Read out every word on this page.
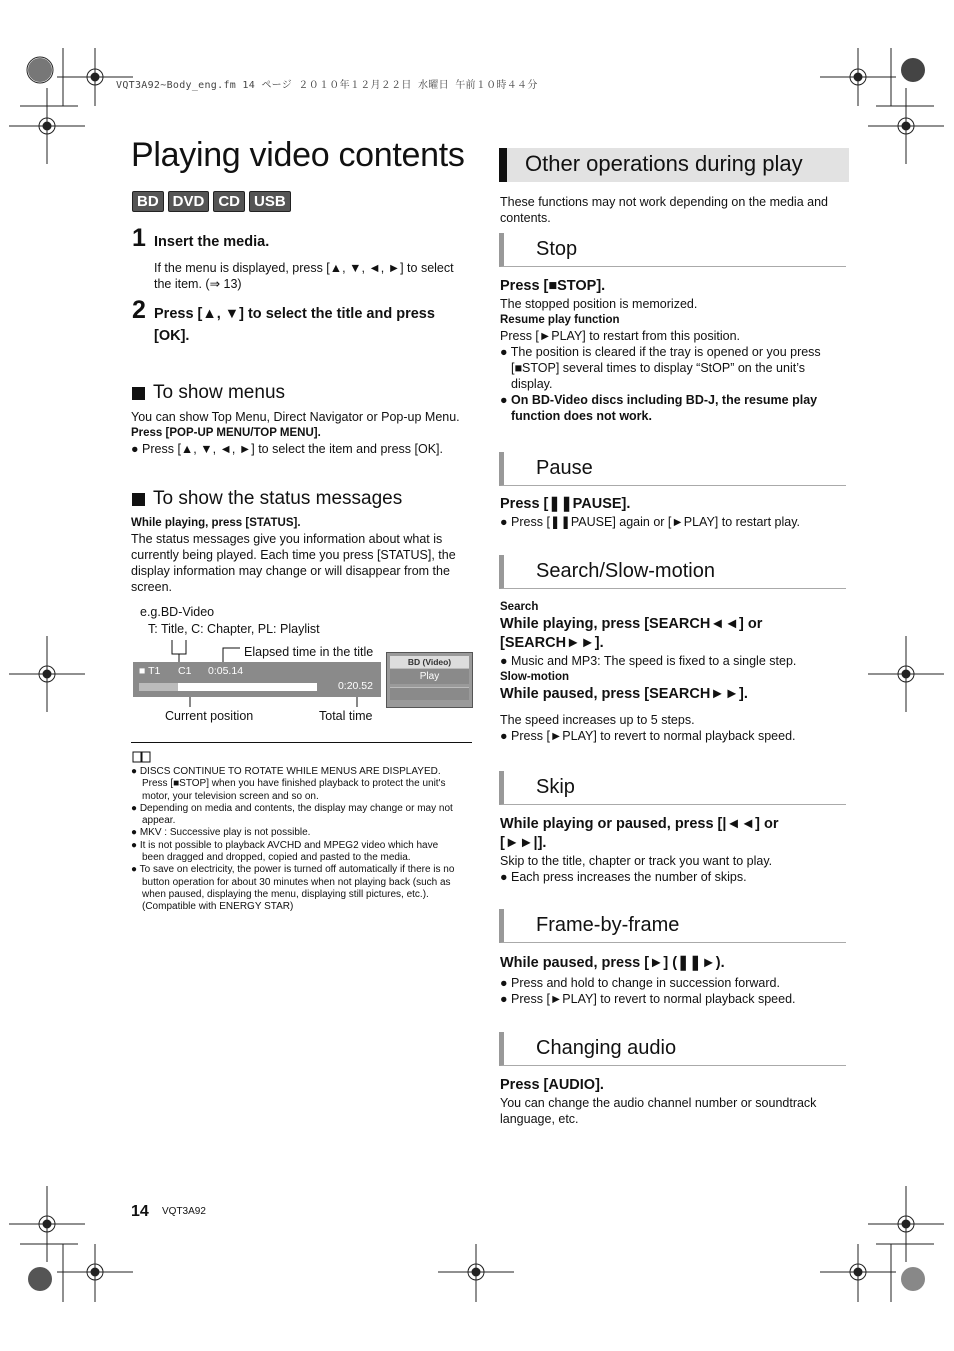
VQT3A92~Body_eng.fm 14 ページ ２０１０年１２月２２日 水曜日 午前１０時４４分
Playing video contents
BD DVD CD USB
1 Insert the media.
If the menu is displayed, press [▲, ▼, ◄, ►] to select
the item. (⇒ 13)
2 Press [▲, ▼] to select the title and press
[OK].
To show menus
You can show Top Menu, Direct Navigator or Pop-up Menu.
Press [POP-UP MENU/TOP MENU].
● Press [▲, ▼, ◄, ►] to select the item and press [OK].
To show the status messages
While playing, press [STATUS].
The status messages give you information about what is
currently being played. Each time you press [STATUS], the
display information may change or will disappear from the
screen.
e.g.BD-Video
T: Title, C: Chapter, PL: Playlist
Elapsed time in the title
■ T1 C1 0:05.14
0:20.52
BD (Video)
Play
Current position	Total time
● DISCS CONTINUE TO ROTATE WHILE MENUS ARE DISPLAYED.
Press [■STOP] when you have finished playback to protect the unit's
motor, your television screen and so on.
● Depending on media and contents, the display may change or may not
appear.
● MKV : Successive play is not possible.
● It is not possible to playback AVCHD and MPEG2 video which have
been dragged and dropped, copied and pasted to the media.
● To save on electricity, the power is turned off automatically if there is no
button operation for about 30 minutes when not playing back (such as
when paused, displaying the menu, displaying still pictures, etc.).
(Compatible with ENERGY STAR)
Other operations during play
These functions may not work depending on the media and
contents.
Stop
Press [■STOP].
The stopped position is memorized.
Resume play function
Press [►PLAY] to restart from this position.
● The position is cleared if the tray is opened or you press
[■STOP] several times to display “StOP” on the unit’s
display.
● On BD-Video discs including BD-J, the resume play
function does not work.
Pause
Press [❚❚PAUSE].
● Press [❚❚PAUSE] again or [►PLAY] to restart play.
Search/Slow-motion
Search
While playing, press [SEARCH◄◄] or
[SEARCH►►].
● Music and MP3: The speed is fixed to a single step.
Slow-motion
While paused, press [SEARCH►►].
The speed increases up to 5 steps.
● Press [►PLAY] to revert to normal playback speed.
Skip
While playing or paused, press [|◄◄] or
[►►|].
Skip to the title, chapter or track you want to play.
● Each press increases the number of skips.
Frame-by-frame
While paused, press [►] (❚❚►).
● Press and hold to change in succession forward.
● Press [►PLAY] to revert to normal playback speed.
Changing audio
Press [AUDIO].
You can change the audio channel number or soundtrack
language, etc.
14 VQT3A92
